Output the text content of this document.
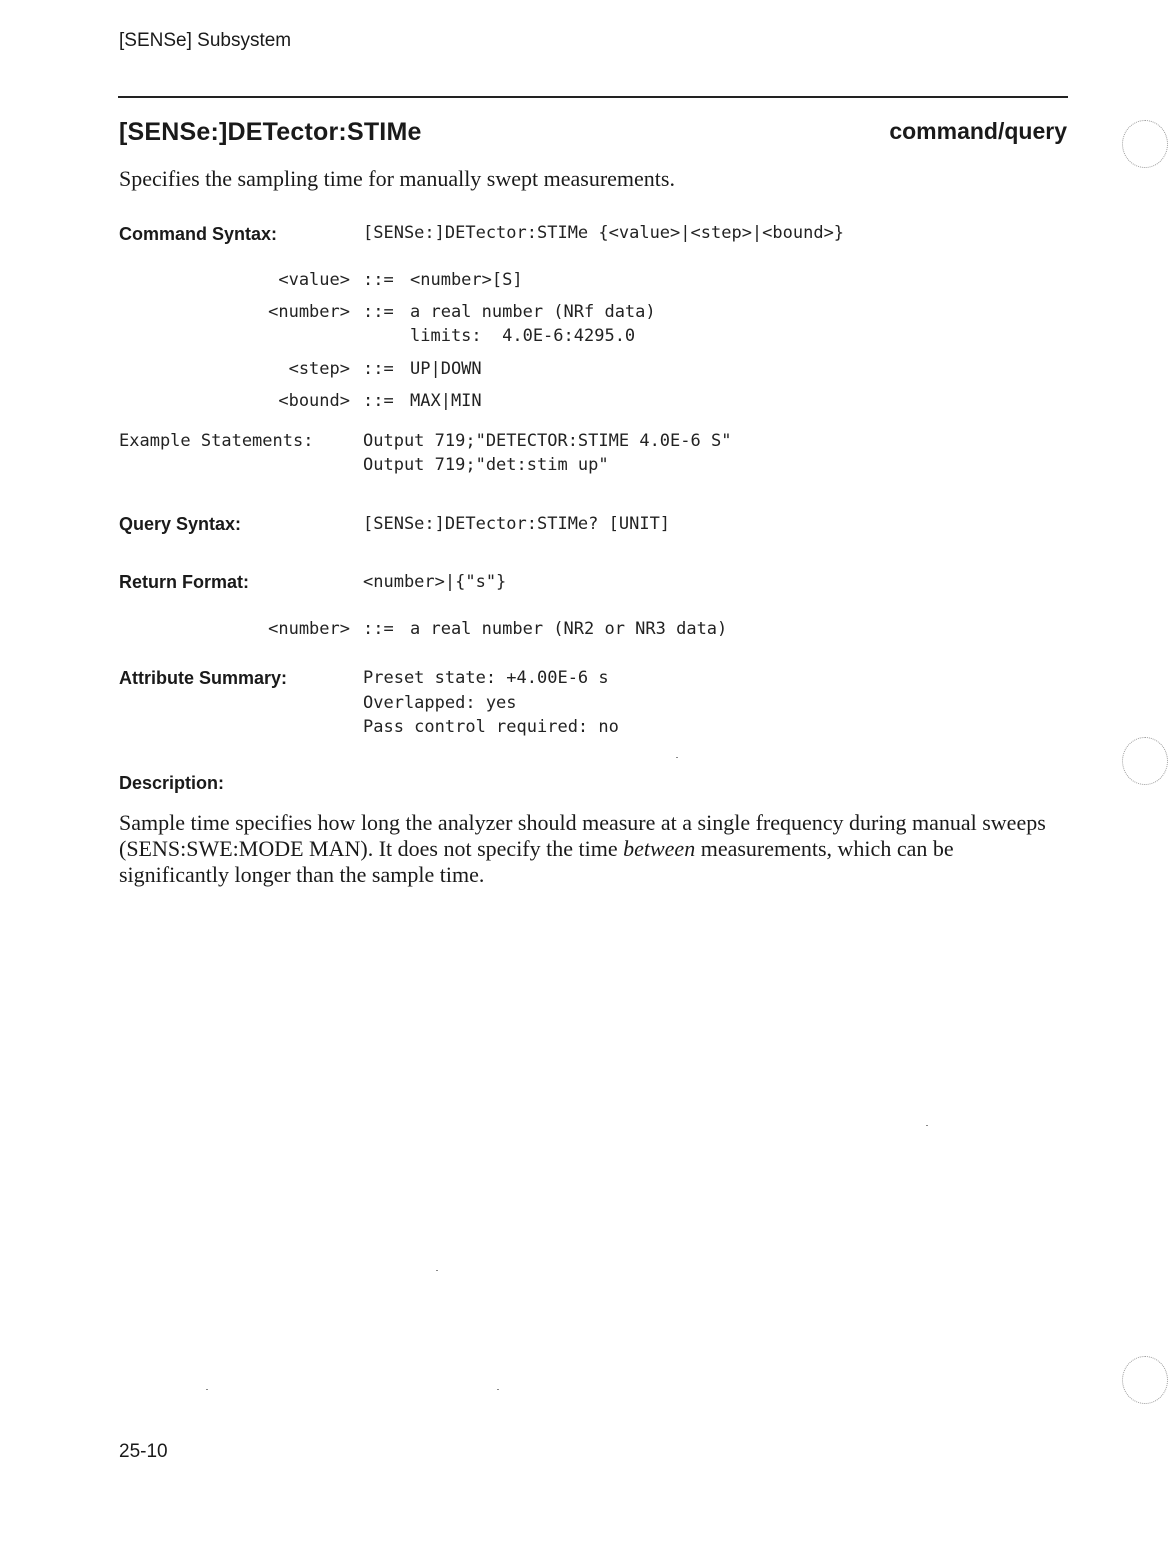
[SENSe] Subsystem
[SENSe:]DETector:STIMe	command/query
Specifies the sampling time for manually swept measurements.
Command Syntax:	[SENSe:]DETector:STIMe {<value>|<step>|<bound>}
<value> ::= <number>[S]
<number> ::= a real number (NRf data)
limits:  4.0E-6:4295.0
<step> ::= UP|DOWN
<bound> ::= MAX|MIN
Example Statements:	Output 719;"DETECTOR:STIME 4.0E-6 S"
Output 719;"det:stim up"
Query Syntax:	[SENSe:]DETector:STIMe? [UNIT]
Return Format:	<number>|{"s"}
<number> ::= a real number (NR2 or NR3 data)
Attribute Summary:	Preset state: +4.00E-6 s
Overlapped: yes
Pass control required: no
Description:
Sample time specifies how long the analyzer should measure at a single frequency during manual sweeps (SENS:SWE:MODE MAN). It does not specify the time between measurements, which can be significantly longer than the sample time.
25-10
